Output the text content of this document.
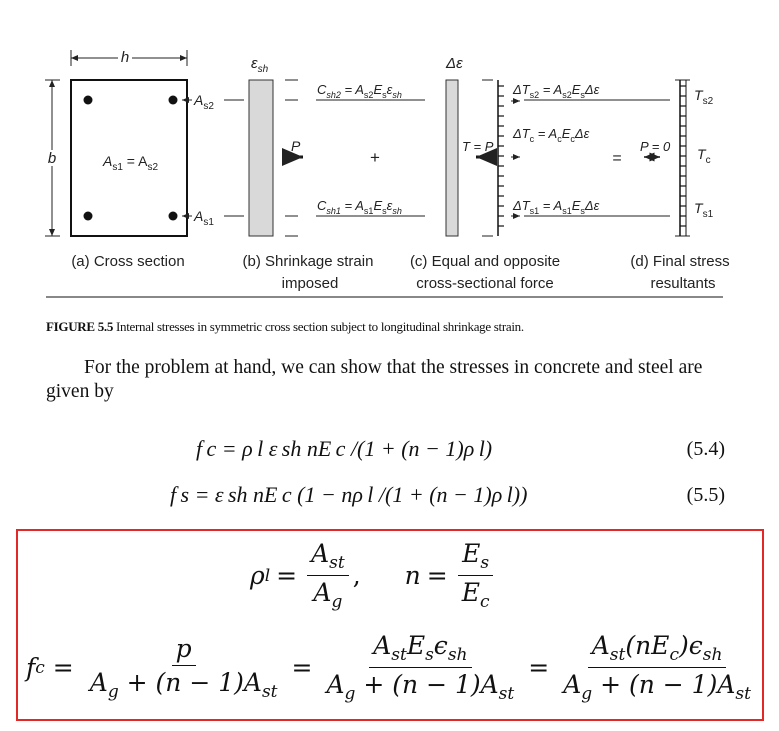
h
b	$A_{s1} = A_{s2}$
$A_{s2}$
$A_{s1}$
$\varepsilon_{sh}$
P
$C_{sh2} = A_{s2}E_s\varepsilon_{sh}$
+
$C_{sh1} = A_{s1}E_s\varepsilon_{sh}$
Δε
T = P
$\Delta T_{s2} = A_{s2}E_s\Delta\varepsilon$
$\Delta T_c = A_cE_c\Delta\varepsilon$
$\Delta T_{s1} = A_{s1}E_s\Delta\varepsilon$
=
P = 0
$T_{s2}$
$T_c$
$T_{s1}$
(a) Cross section	(b) Shrinkage strain
imposed
(c) Equal and opposite
cross-sectional force
(d) Final stress
resultants
FIGURE 5.5 Internal stresses in symmetric cross section subject to longitudinal shrinkage strain.
For the problem at hand, we can show that the stresses in concrete and steel are given by
f c = ρ l ε sh nE c /(1 + (n − 1)ρ l)	(5.4)
f s = ε sh nE c (1 − nρ l /(1 + (n − 1)ρ l))	(5.5)
ρ $l = \frac{A_{st}}{A_g}$ , $n = \frac{E_s}{E_c}$
f $c = \frac{p}{A_g + (n - 1)A_{st}} = \frac{A_{st}E_s\epsilon_{sh}}{A_g + (n - 1)A_{st}} = \frac{A_{st}(nE_c)\epsilon_{sh}}{A_g + (n - 1)A_{st}}$
